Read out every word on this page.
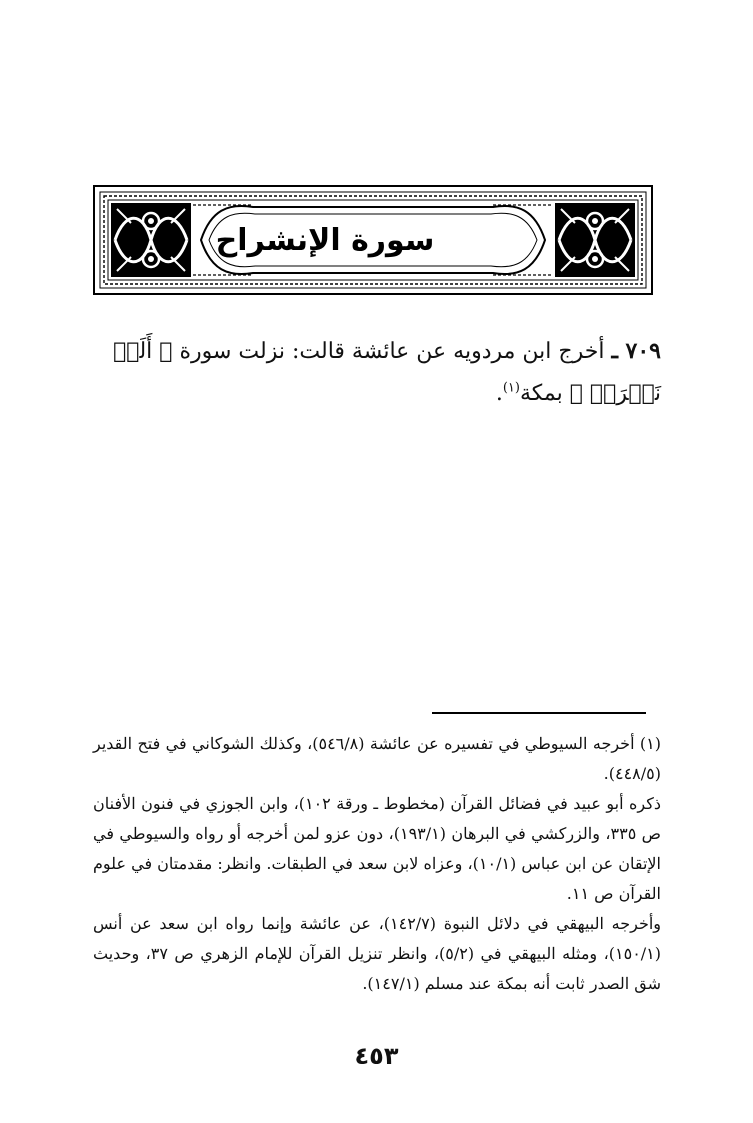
سورة الإنشراح
٧٠٩ ـ أخرج ابن مردويه عن عائشة قالت: نزلت سورة ﴿ أَلَمۡ نَشۡرَحۡ ﴾ بمكة$^{(١)}$.

(١) أخرجه السيوطي في تفسيره عن عائشة (٥٤٦/٨)، وكذلك الشوكاني في فتح القدير (٤٤٨/٥).

ذكره أبو عبيد في فضائل القرآن (مخطوط ـ ورقة ١٠٢)، وابن الجوزي في فنون الأفنان ص ٣٣٥، والزركشي في البرهان (١٩٣/١)، دون عزو لمن أخرجه أو رواه والسيوطي في الإتقان عن ابن عباس (١٠/١)، وعزاه لابن سعد في الطبقات. وانظر: مقدمتان في علوم القرآن ص ١١.

وأخرجه البيهقي في دلائل النبوة (١٤٢/٧)، عن عائشة وإنما رواه ابن سعد عن أنس (١٥٠/١)، ومثله البيهقي في (٥/٢)، وانظر تنزيل القرآن للإمام الزهري ص ٣٧، وحديث شق الصدر ثابت أنه بمكة عند مسلم (١٤٧/١).

٤٥٣
